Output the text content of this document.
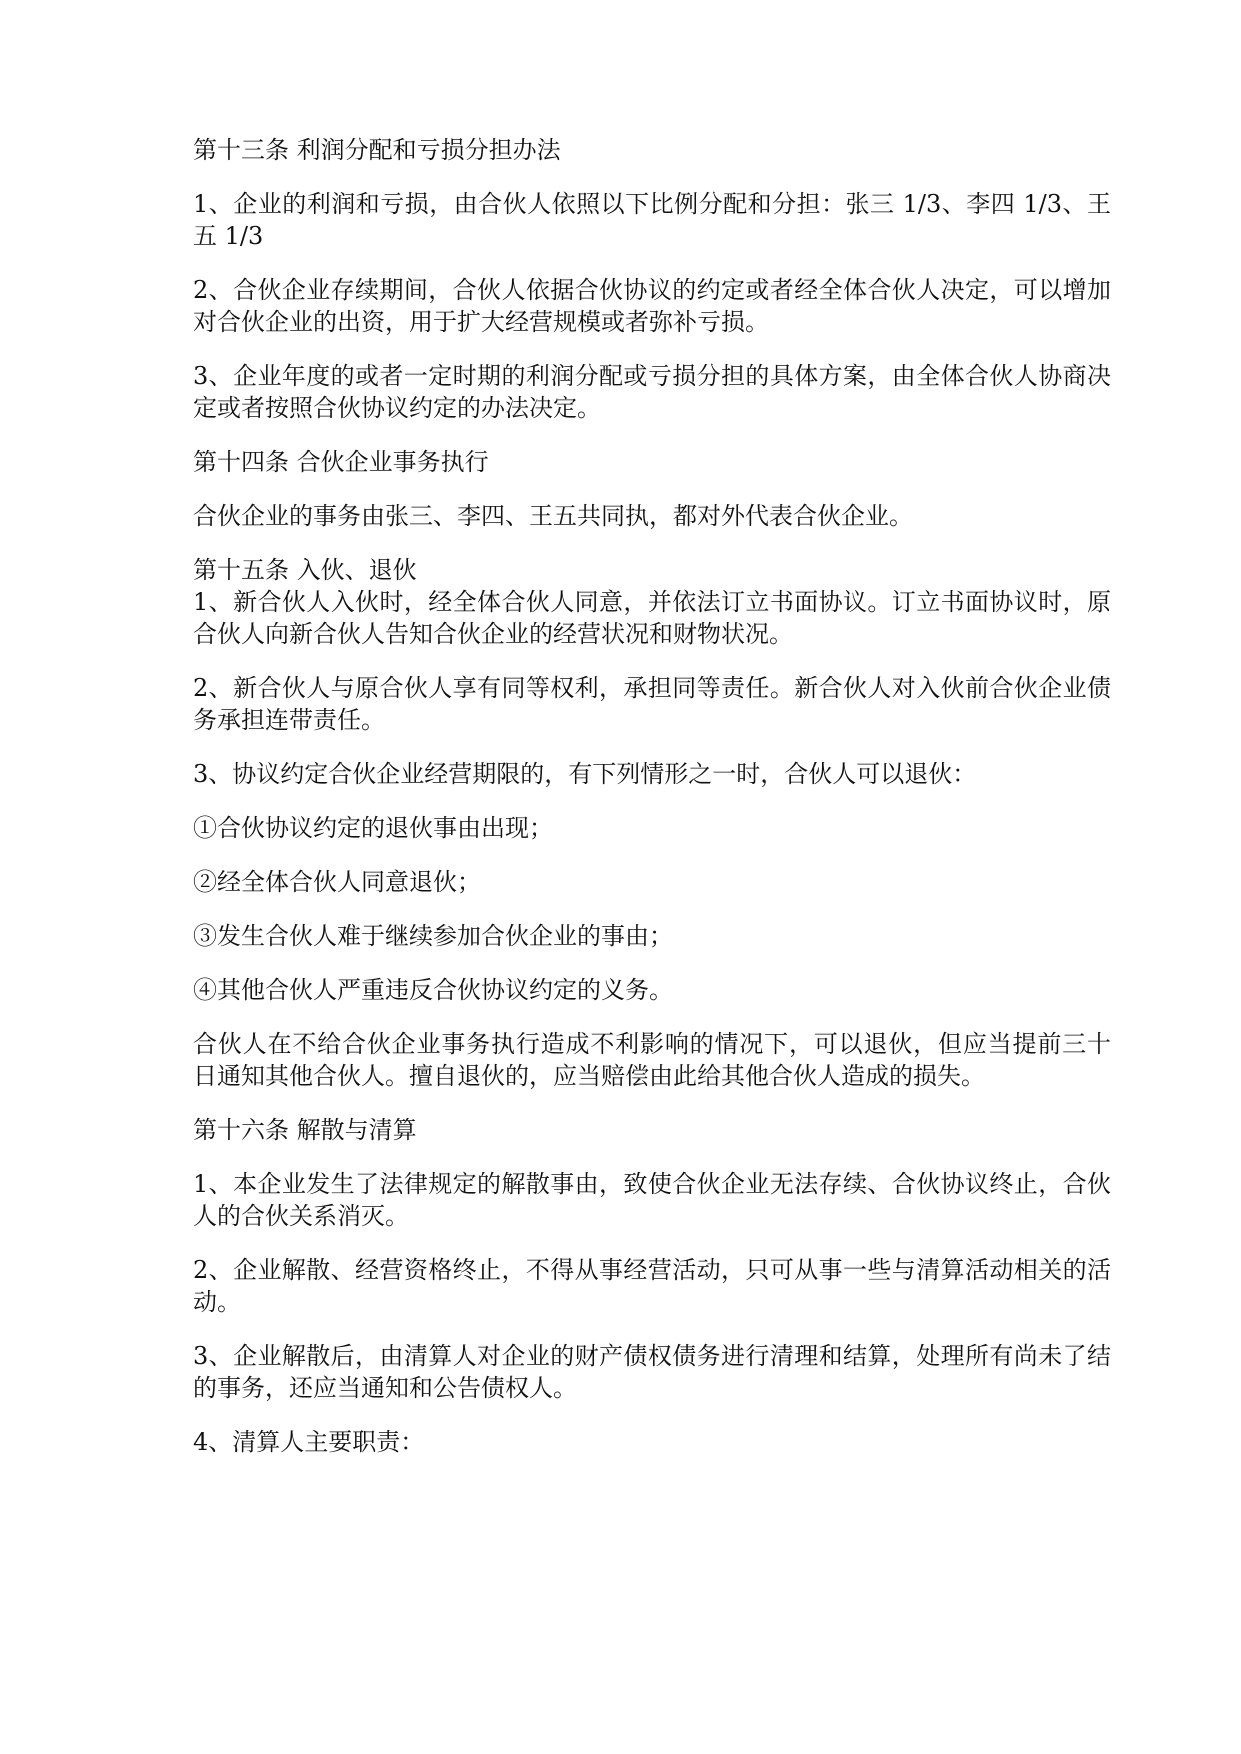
第十三条 利润分配和亏损分担办法
1、企业的利润和亏损，由合伙人依照以下比例分配和分担：张三 1/3、李四 1/3、王
五 1/3
2、合伙企业存续期间，合伙人依据合伙协议的约定或者经全体合伙人决定，可以增加
对合伙企业的出资，用于扩大经营规模或者弥补亏损。
3、企业年度的或者一定时期的利润分配或亏损分担的具体方案，由全体合伙人协商决
定或者按照合伙协议约定的办法决定。
第十四条 合伙企业事务执行
合伙企业的事务由张三、李四、王五共同执，都对外代表合伙企业。
第十五条 入伙、退伙
1、新合伙人入伙时，经全体合伙人同意，并依法订立书面协议。订立书面协议时，原
合伙人向新合伙人告知合伙企业的经营状况和财物状况。
2、新合伙人与原合伙人享有同等权利，承担同等责任。新合伙人对入伙前合伙企业债
务承担连带责任。
3、协议约定合伙企业经营期限的，有下列情形之一时，合伙人可以退伙：
①合伙协议约定的退伙事由出现；
②经全体合伙人同意退伙；
③发生合伙人难于继续参加合伙企业的事由；
④其他合伙人严重违反合伙协议约定的义务。
合伙人在不给合伙企业事务执行造成不利影响的情况下，可以退伙，但应当提前三十
日通知其他合伙人。擅自退伙的，应当赔偿由此给其他合伙人造成的损失。
第十六条 解散与清算
1、本企业发生了法律规定的解散事由，致使合伙企业无法存续、合伙协议终止，合伙
人的合伙关系消灭。
2、企业解散、经营资格终止，不得从事经营活动，只可从事一些与清算活动相关的活
动。
3、企业解散后，由清算人对企业的财产债权债务进行清理和结算，处理所有尚未了结
的事务，还应当通知和公告债权人。
4、清算人主要职责：
